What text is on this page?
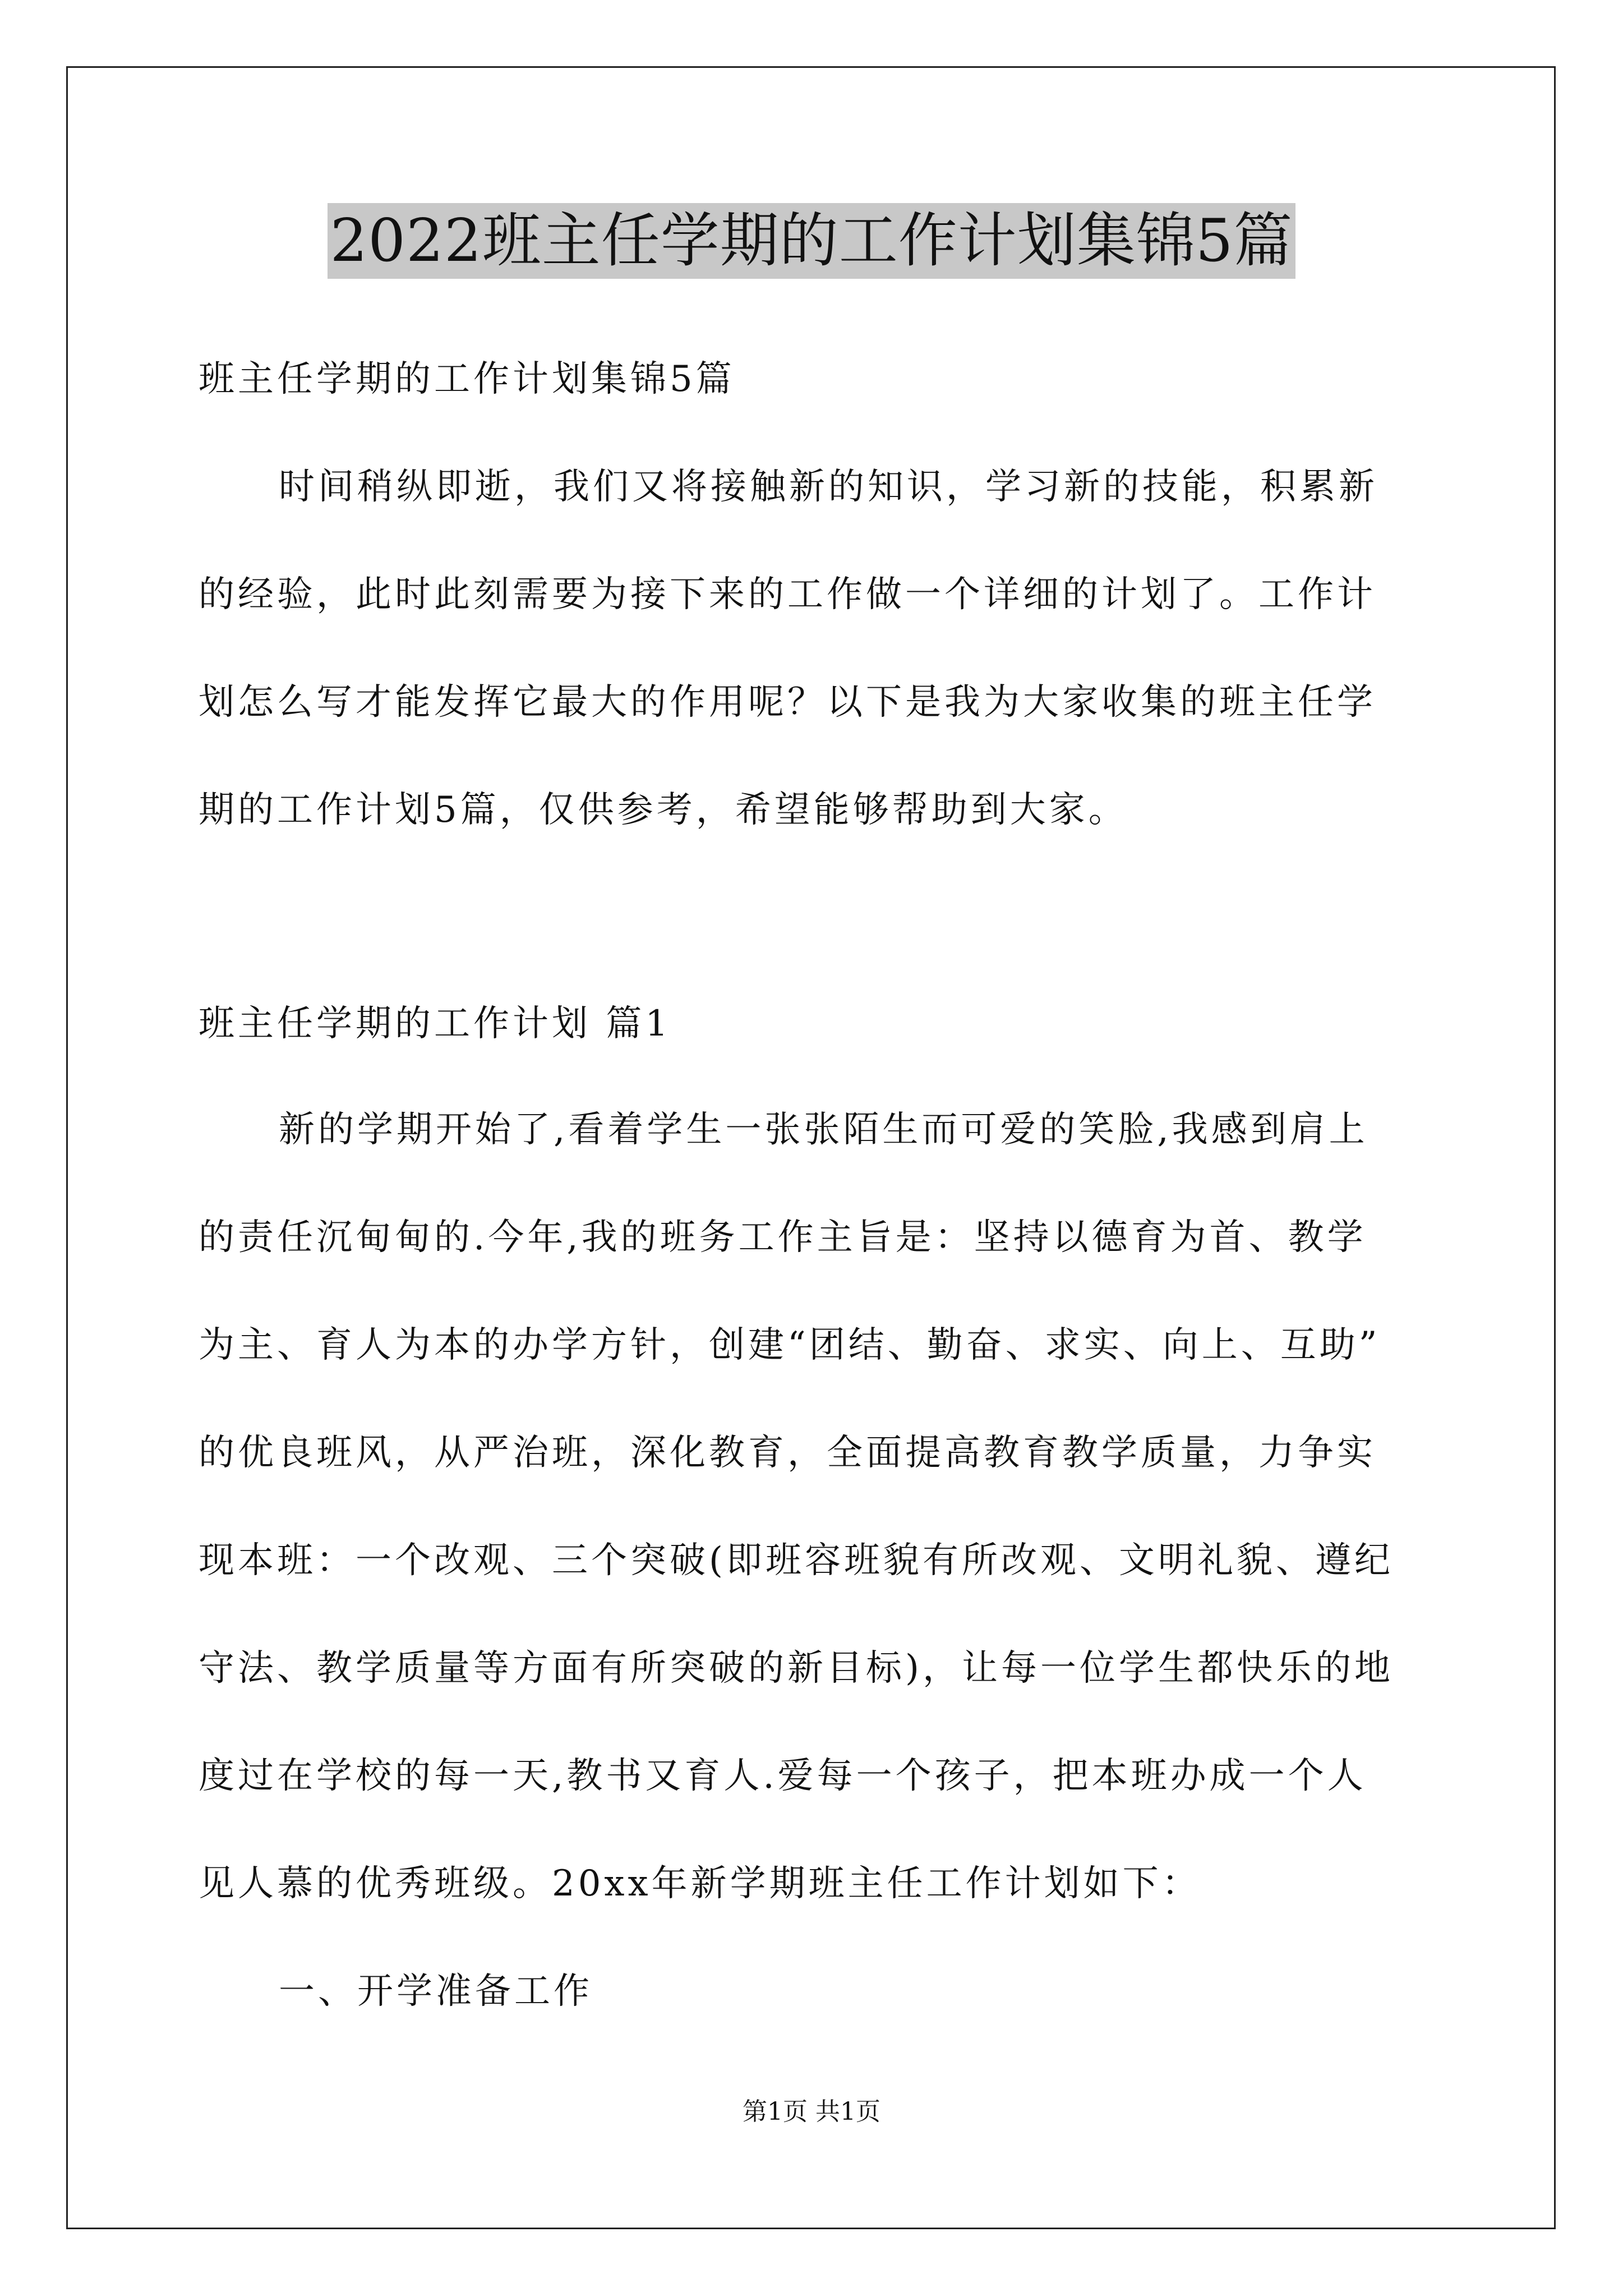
2022班主任学期的工作计划集锦5篇
班主任学期的工作计划集锦5篇
时间稍纵即逝，我们又将接触新的知识，学习新的技能，积累新
的经验，此时此刻需要为接下来的工作做一个详细的计划了。工作计
划怎么写才能发挥它最大的作用呢？以下是我为大家收集的班主任学
期的工作计划5篇，仅供参考，希望能够帮助到大家。
班主任学期的工作计划 篇1
新的学期开始了,看着学生一张张陌生而可爱的笑脸,我感到肩上
的责任沉甸甸的.今年,我的班务工作主旨是：坚持以德育为首、教学
为主、育人为本的办学方针，创建“团结、勤奋、求实、向上、互助”
的优良班风，从严治班，深化教育，全面提高教育教学质量，力争实
现本班：一个改观、三个突破(即班容班貌有所改观、文明礼貌、遵纪
守法、教学质量等方面有所突破的新目标)，让每一位学生都快乐的地
度过在学校的每一天,教书又育人.爱每一个孩子，把本班办成一个人
见人慕的优秀班级。20xx年新学期班主任工作计划如下：
一、开学准备工作
第1页 共1页
